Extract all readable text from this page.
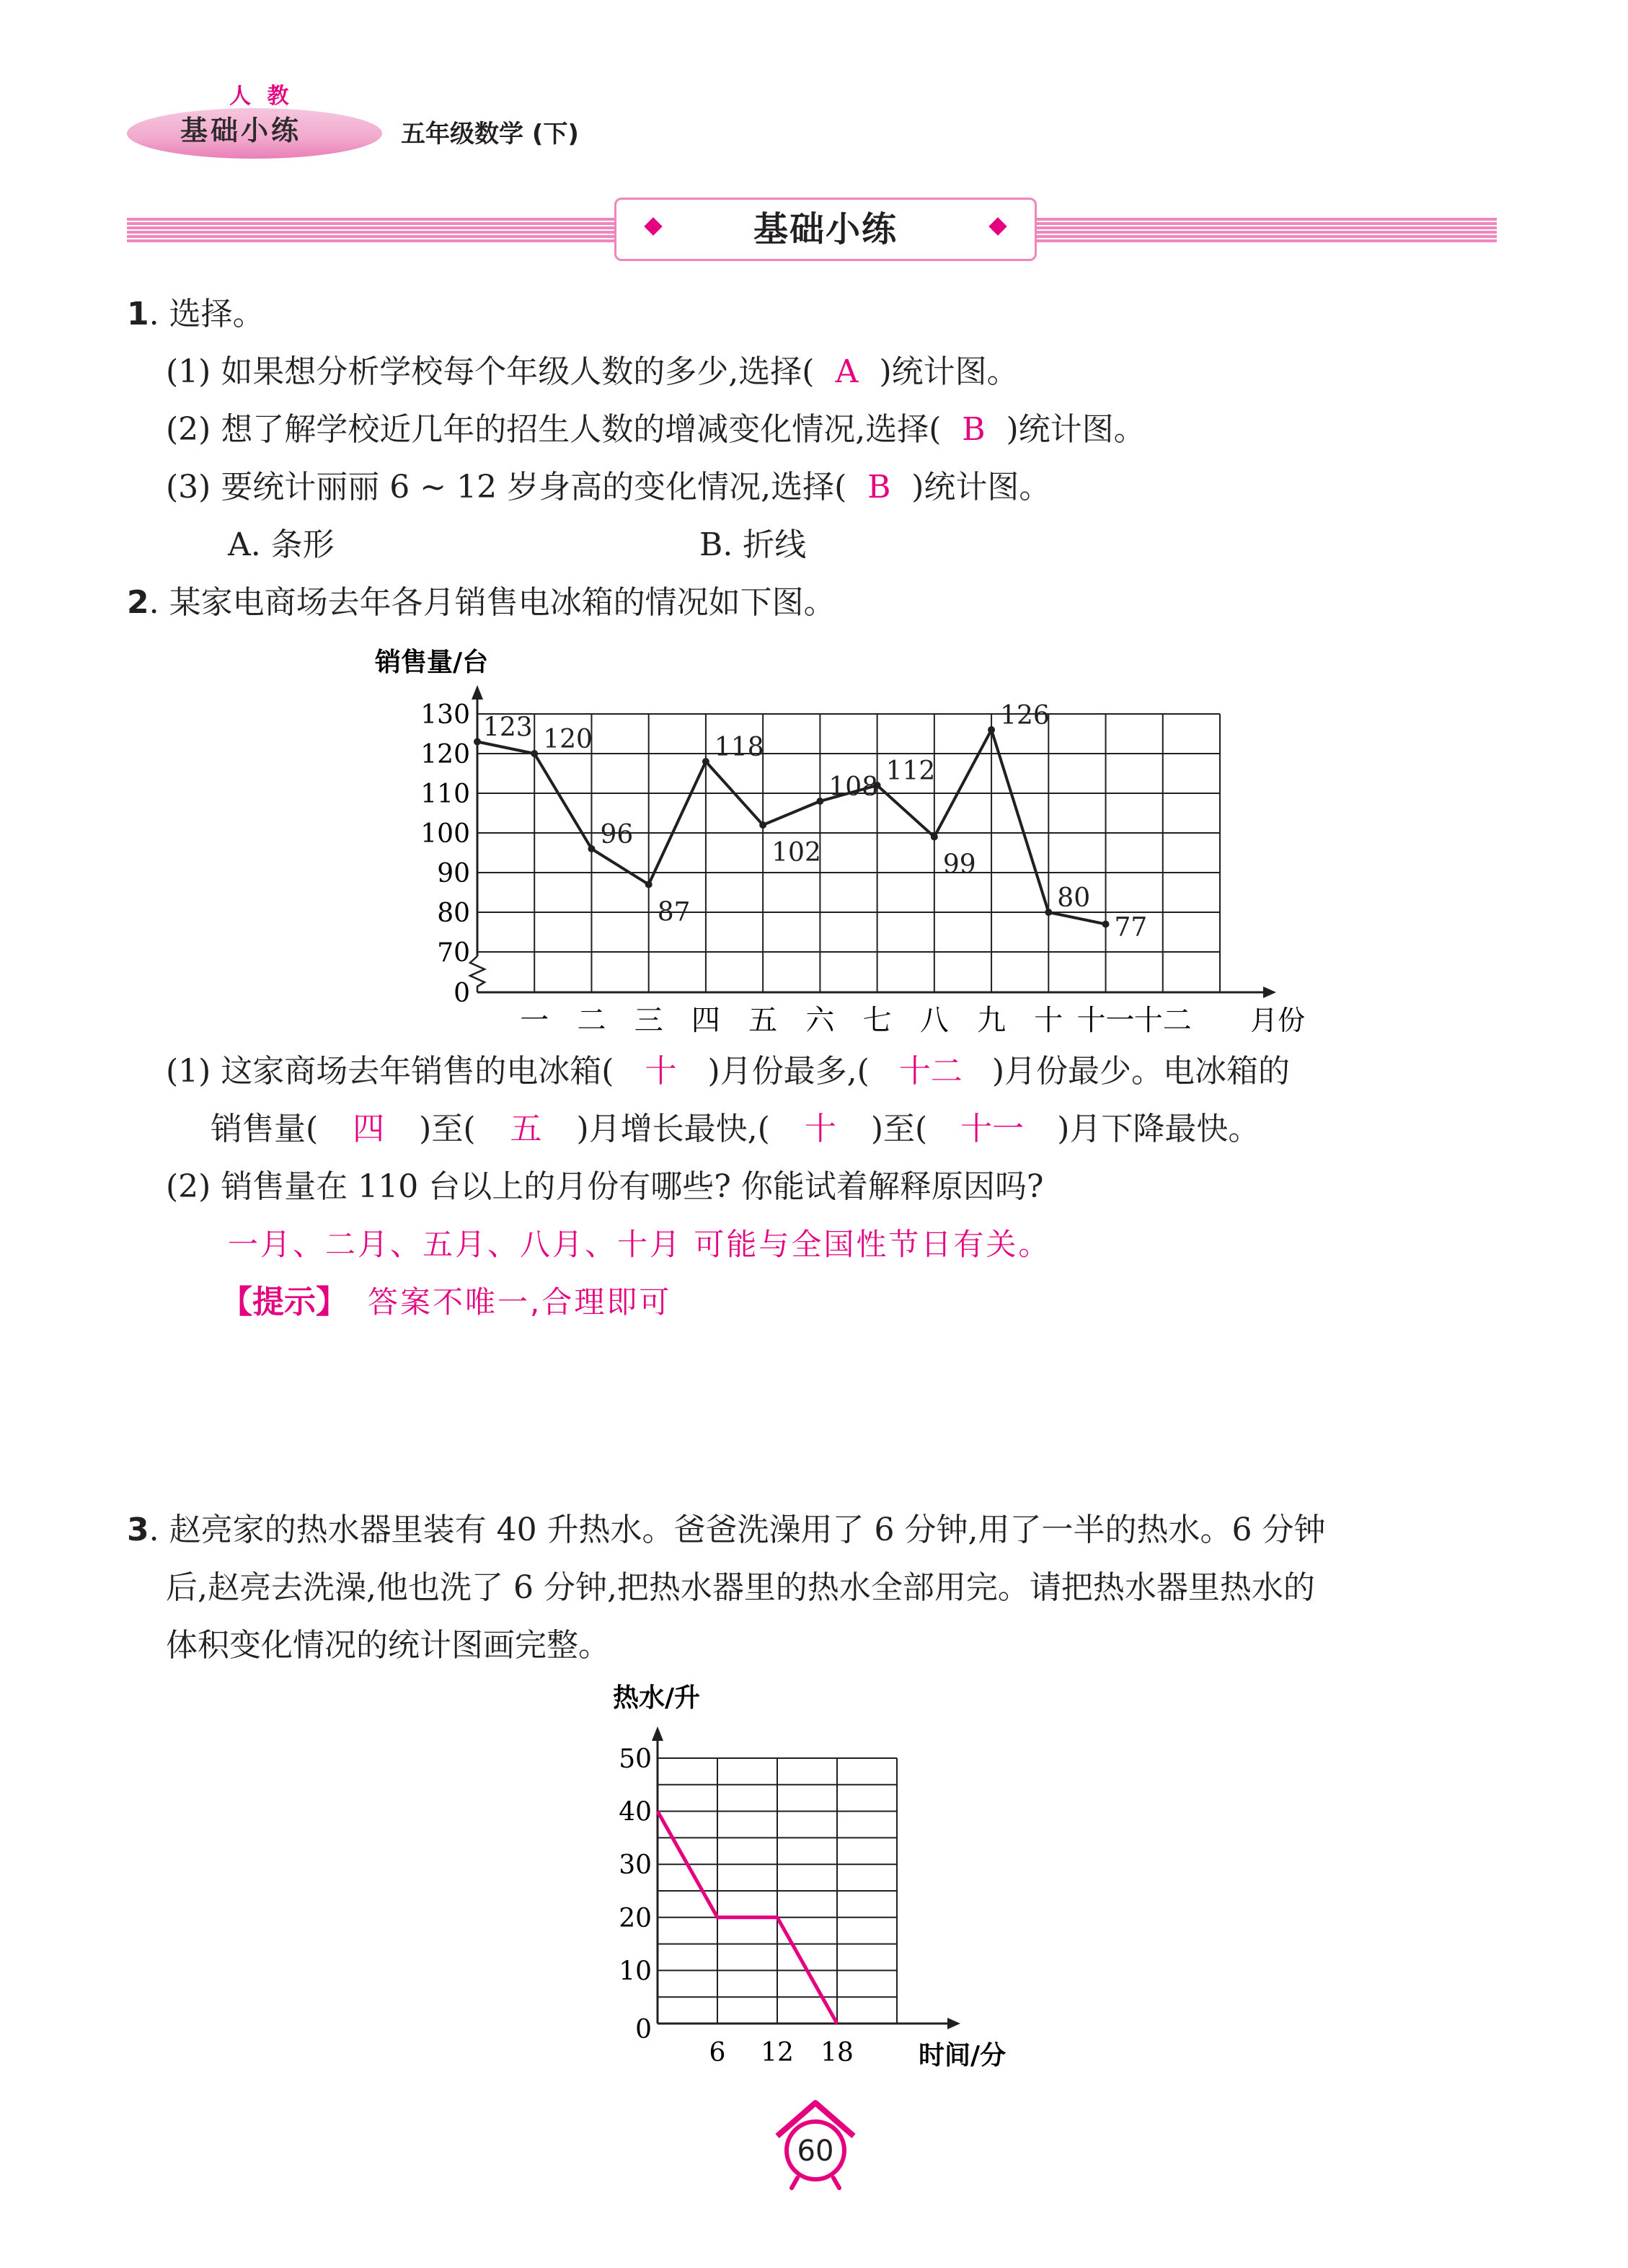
人 教
基础小练	五年级数学 (下)
基础小练
1. 选择。
(1) 如果想分析学校每个年级人数的多少,选择( A )统计图。
(2) 想了解学校近几年的招生人数的增减变化情况,选择( B )统计图。
(3) 要统计丽丽 6 ~ 12 岁身高的变化情况,选择( B )统计图。
A. 条形	B. 折线
2. 某家电商场去年各月销售电冰箱的情况如下图。
销售量/台
0
70
80
90
100
110
120
130
一 二 三 四 五 六 七 八 九 十 十一 十二
123 120
96
87
118
102
108
112
99
126
80
77
月份
(1) 这家商场去年销售的电冰箱( 十 )月份最多,( 十二 )月份最少。电冰箱的
销售量( 四 )至( 五 )月增长最快,( 十 )至( 十一 )月下降最快。
(2) 销售量在 110 台以上的月份有哪些? 你能试着解释原因吗?
一月、二月、五月、八月、十月 可能与全国性节日有关。
【提示】 答案不唯一,合理即可
3. 赵亮家的热水器里装有 40 升热水。爸爸洗澡用了 6 分钟,用了一半的热水。6 分钟
后,赵亮去洗澡,他也洗了 6 分钟,把热水器里的热水全部用完。请把热水器里热水的
体积变化情况的统计图画完整。
热水/升
0
10
20
30
40
50
6 12 18	时间/分
60
